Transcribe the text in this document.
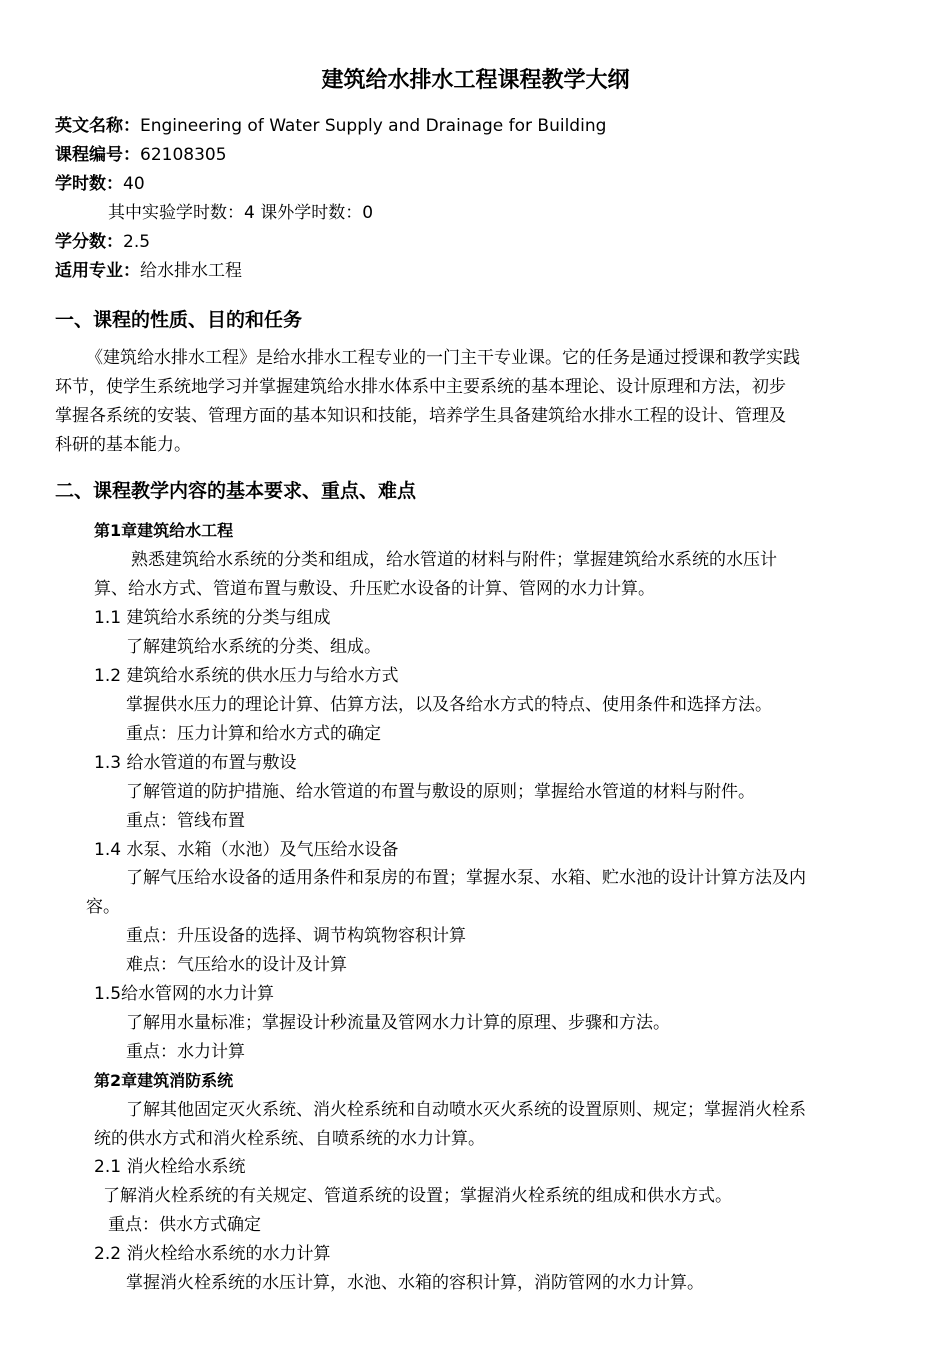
建筑给水排水工程课程教学大纲
英文名称：Engineering of Water Supply and Drainage for Building
课程编号：62108305
学时数：40
其中实验学时数：4 课外学时数：0
学分数：2.5
适用专业：给水排水工程
一、课程的性质、目的和任务
《建筑给水排水工程》是给水排水工程专业的一门主干专业课。它的任务是通过授课和教学实践
环节，使学生系统地学习并掌握建筑给水排水体系中主要系统的基本理论、设计原理和方法，初步
掌握各系统的安装、管理方面的基本知识和技能，培养学生具备建筑给水排水工程的设计、管理及
科研的基本能力。
二、课程教学内容的基本要求、重点、难点
第1章建筑给水工程
熟悉建筑给水系统的分类和组成，给水管道的材料与附件；掌握建筑给水系统的水压计
算、给水方式、管道布置与敷设、升压贮水设备的计算、管网的水力计算。
1.1 建筑给水系统的分类与组成
了解建筑给水系统的分类、组成。
1.2 建筑给水系统的供水压力与给水方式
掌握供水压力的理论计算、估算方法，以及各给水方式的特点、使用条件和选择方法。
重点：压力计算和给水方式的确定
1.3 给水管道的布置与敷设
了解管道的防护措施、给水管道的布置与敷设的原则；掌握给水管道的材料与附件。
重点：管线布置
1.4 水泵、水箱（水池）及气压给水设备
了解气压给水设备的适用条件和泵房的布置；掌握水泵、水箱、贮水池的设计计算方法及内
容。
重点：升压设备的选择、调节构筑物容积计算
难点：气压给水的设计及计算
1.5给水管网的水力计算
了解用水量标准；掌握设计秒流量及管网水力计算的原理、步骤和方法。
重点：水力计算
第2章建筑消防系统
了解其他固定灭火系统、消火栓系统和自动喷水灭火系统的设置原则、规定；掌握消火栓系
统的供水方式和消火栓系统、自喷系统的水力计算。
2.1 消火栓给水系统
了解消火栓系统的有关规定、管道系统的设置；掌握消火栓系统的组成和供水方式。
重点：供水方式确定
2.2 消火栓给水系统的水力计算
掌握消火栓系统的水压计算，水池、水箱的容积计算，消防管网的水力计算。
